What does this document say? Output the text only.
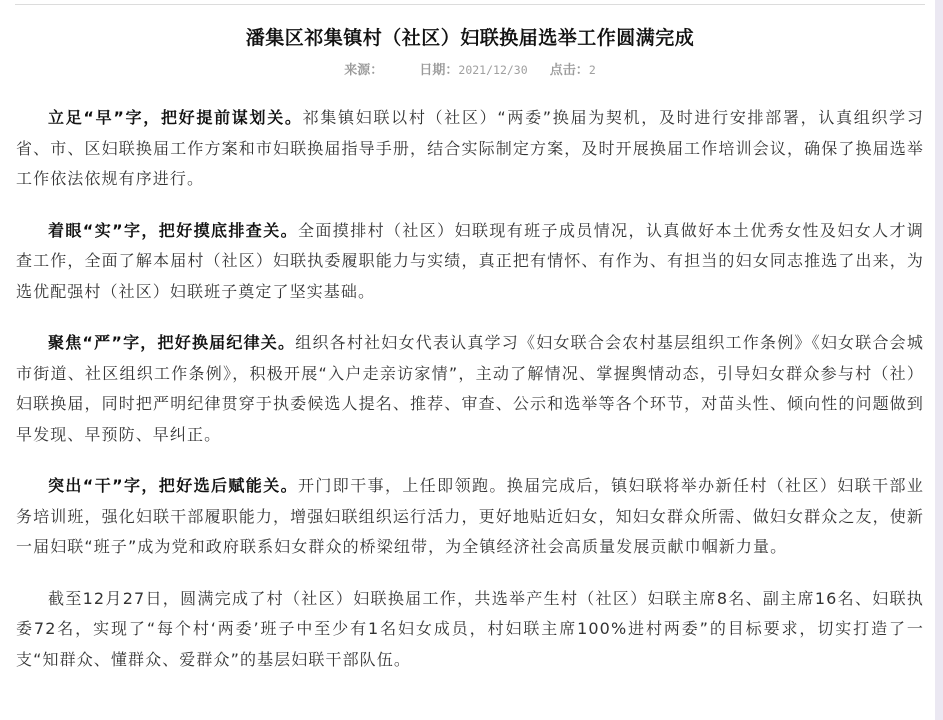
潘集区祁集镇村（社区）妇联换届选举工作圆满完成
来源：	日期：2021/12/30 点击：2

立足“早”字，把好提前谋划关。祁集镇妇联以村（社区）“两委”换届为契机，及时进行安排部署，认真组织学习省、市、区妇联换届工作方案和市妇联换届指导手册，结合实际制定方案，及时开展换届工作培训会议，确保了换届选举工作依法依规有序进行。

着眼“实”字，把好摸底排查关。全面摸排村（社区）妇联现有班子成员情况，认真做好本土优秀女性及妇女人才调查工作，全面了解本届村（社区）妇联执委履职能力与实绩，真正把有情怀、有作为、有担当的妇女同志推选了出来，为选优配强村（社区）妇联班子奠定了坚实基础。

聚焦“严”字，把好换届纪律关。组织各村社妇女代表认真学习《妇女联合会农村基层组织工作条例》《妇女联合会城市街道、社区组织工作条例》，积极开展“入户走亲访家情”，主动了解情况、掌握舆情动态，引导妇女群众参与村（社）妇联换届，同时把严明纪律贯穿于执委候选人提名、推荐、审查、公示和选举等各个环节，对苗头性、倾向性的问题做到早发现、早预防、早纠正。

突出“干”字，把好选后赋能关。开门即干事，上任即领跑。换届完成后，镇妇联将举办新任村（社区）妇联干部业务培训班，强化妇联干部履职能力，增强妇联组织运行活力，更好地贴近妇女，知妇女群众所需、做妇女群众之友，使新一届妇联“班子”成为党和政府联系妇女群众的桥梁纽带，为全镇经济社会高质量发展贡献巾帼新力量。

截至12月27日，圆满完成了村（社区）妇联换届工作，共选举产生村（社区）妇联主席8名、副主席16名、妇联执委72名，实现了“每个村‘两委’班子中至少有1名妇女成员，村妇联主席100%进村两委”的目标要求，切实打造了一支“知群众、懂群众、爱群众”的基层妇联干部队伍。
